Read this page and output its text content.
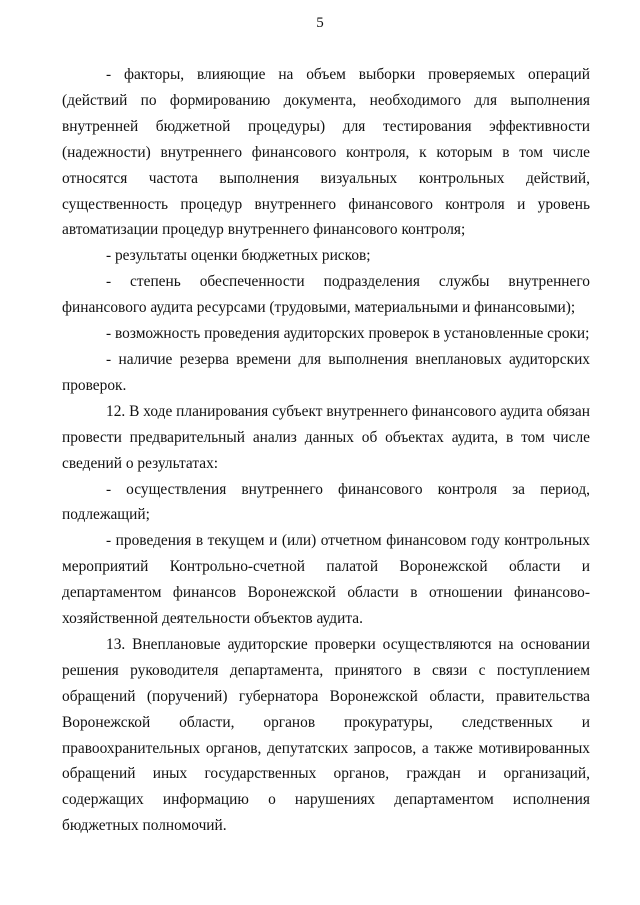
5

- факторы, влияющие на объем выборки проверяемых операций (действий по формированию документа, необходимого для выполнения внутренней бюджетной процедуры) для тестирования эффективности (надежности) внутреннего финансового контроля, к которым в том числе относятся частота выполнения визуальных контрольных действий, существенность процедур внутреннего финансового контроля и уровень автоматизации процедур внутреннего финансового контроля;

- результаты оценки бюджетных рисков;

- степень обеспеченности подразделения службы внутреннего финансового аудита ресурсами (трудовыми, материальными и финансовыми);

- возможность проведения аудиторских проверок в установленные сроки;

- наличие резерва времени для выполнения внеплановых аудиторских проверок.

12. В ходе планирования субъект внутреннего финансового аудита обязан провести предварительный анализ данных об объектах аудита, в том числе сведений о результатах:

- осуществления внутреннего финансового контроля за период, подлежащий;

- проведения в текущем и (или) отчетном финансовом году контрольных мероприятий Контрольно-счетной палатой Воронежской области и департаментом финансов Воронежской области в отношении финансово-хозяйственной деятельности объектов аудита.

13. Внеплановые аудиторские проверки осуществляются на основании решения руководителя департамента, принятого в связи с поступлением обращений (поручений) губернатора Воронежской области, правительства Воронежской области, органов прокуратуры, следственных и правоохранительных органов, депутатских запросов, а также мотивированных обращений иных государственных органов, граждан и организаций, содержащих информацию о нарушениях департаментом исполнения бюджетных полномочий.
